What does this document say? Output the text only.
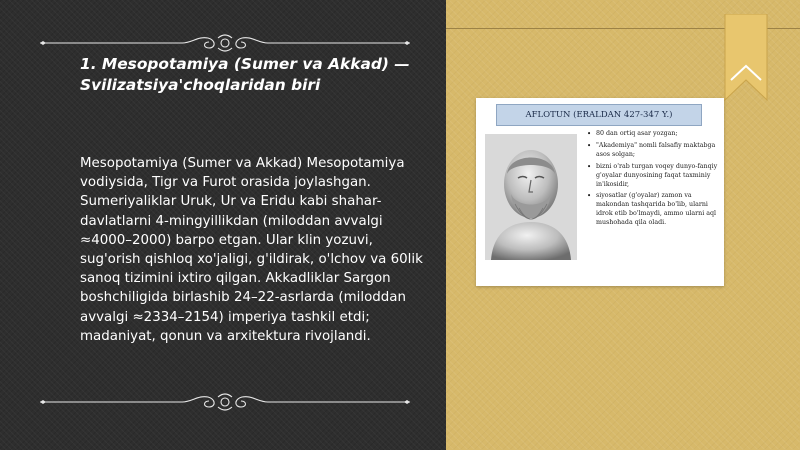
1. Mesopotamiya (Sumer va Akkad) — Svilizatsiya'choqlaridan biri
Mesopotamiya (Sumer va Akkad) Mesopotamiya vodiysida, Tigr va Furot orasida joylashgan. Sumeriyaliklar Uruk, Ur va Eridu kabi shahar-davlatlarni 4-mingyillikdan (miloddan avvalgi ≈4000–2000) barpo etgan. Ular klin yozuvi, sug'orish qishloq xo'jaligi, g'ildirak, o'lchov va 60lik sanoq tizimini ixtiro qilgan. Akkadliklar Sargon boshchiligida birlashib 24–22-asrlarda (miloddan avvalgi ≈2334–2154) imperiya tashkil etdi; madaniyat, qonun va arxitektura rivojlandi.
AFLOTUN (ERALDAN 427-347 Y.)
• 80 dan ortiq asar yozgan;
• "Akademiya" nomli falsafiy maktabga asos solgan;
• bizni o'rab turgan voqey dunyo-fanqiy g'oyalar dunyosining faqat taxminiy in'ikosidir,
• siyosatlar (g'oyalar) zamon va makondan tashqarida bo'lib, ularni idrok etib bo'lmaydi, ammo ularni aql mushohada qila oladi.
